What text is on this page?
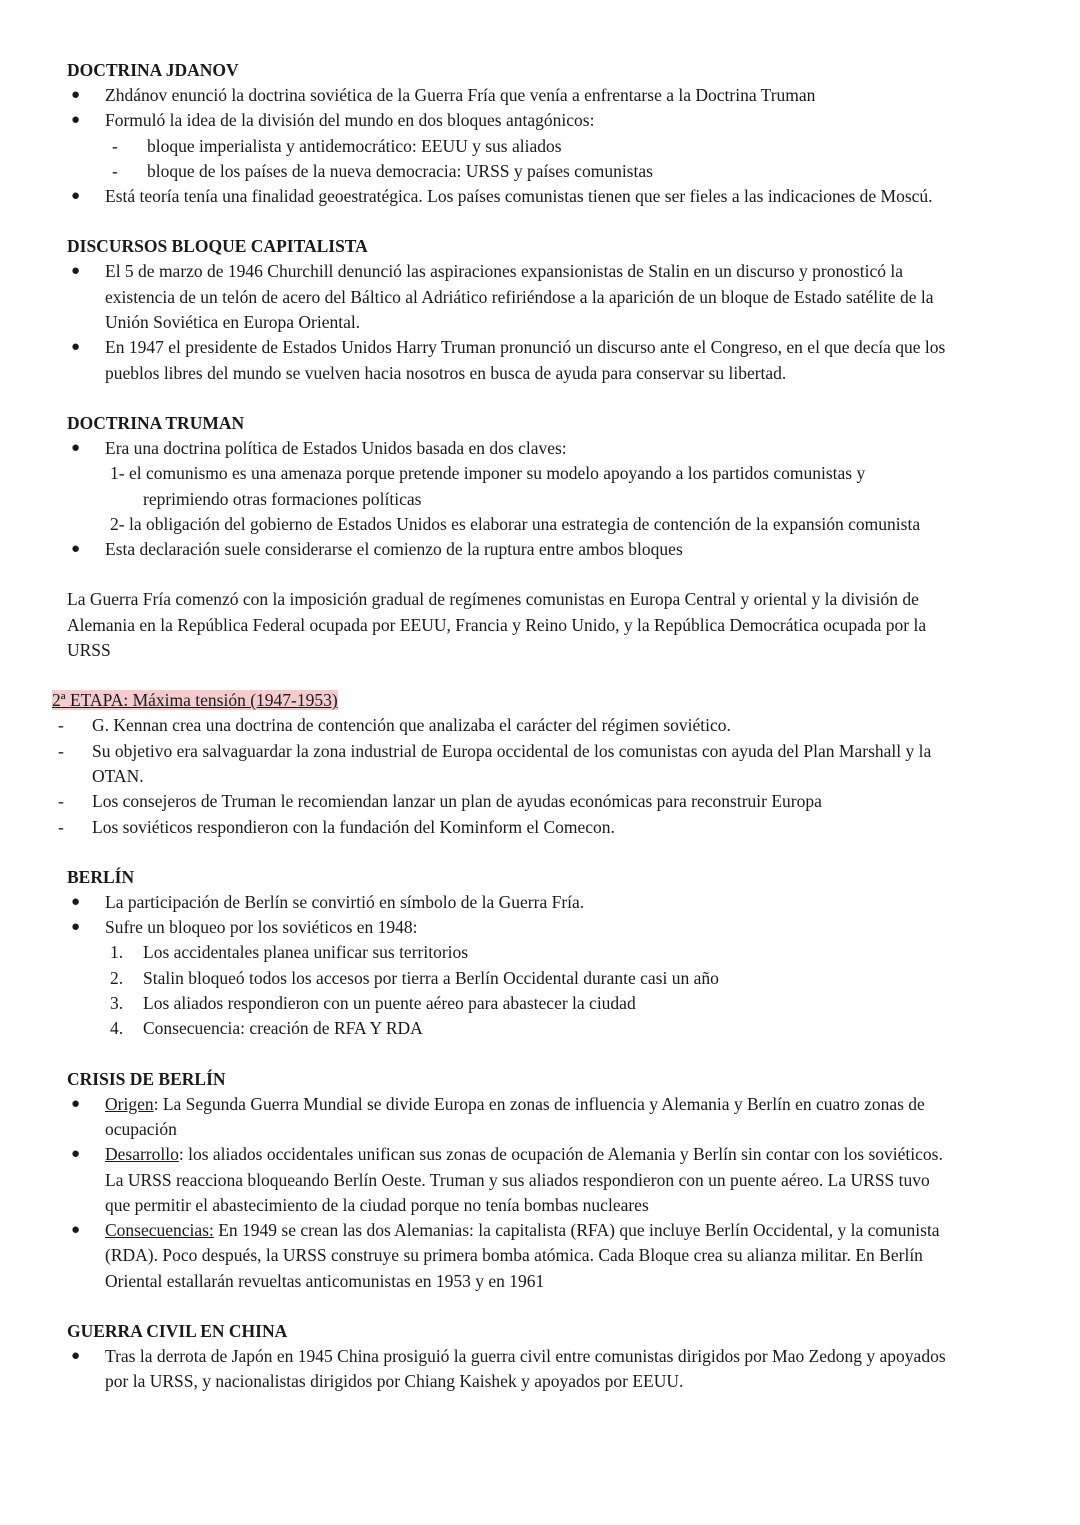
DOCTRINA JDANOV
● Zhdánov enunció la doctrina soviética de la Guerra Fría que venía a enfrentarse a la Doctrina Truman
● Formuló la idea de la división del mundo en dos bloques antagónicos:
- bloque imperialista y antidemocrático: EEUU y sus aliados
- bloque de los países de la nueva democracia: URSS y países comunistas
● Está teoría tenía una finalidad geoestratégica. Los países comunistas tienen que ser fieles a las indicaciones de Moscú.
DISCURSOS BLOQUE CAPITALISTA
● El 5 de marzo de 1946 Churchill denunció las aspiraciones expansionistas de Stalin en un discurso y pronosticó la
existencia de un telón de acero del Báltico al Adriático refiriéndose a la aparición de un bloque de Estado satélite de la
Unión Soviética en Europa Oriental.
● En 1947 el presidente de Estados Unidos Harry Truman pronunció un discurso ante el Congreso, en el que decía que los
pueblos libres del mundo se vuelven hacia nosotros en busca de ayuda para conservar su libertad.
DOCTRINA TRUMAN
● Era una doctrina política de Estados Unidos basada en dos claves:
1- el comunismo es una amenaza porque pretende imponer su modelo apoyando a los partidos comunistas y
reprimiendo otras formaciones políticas
2- la obligación del gobierno de Estados Unidos es elaborar una estrategia de contención de la expansión comunista
● Esta declaración suele considerarse el comienzo de la ruptura entre ambos bloques
La Guerra Fría comenzó con la imposición gradual de regímenes comunistas en Europa Central y oriental y la división de
Alemania en la República Federal ocupada por EEUU, Francia y Reino Unido, y la República Democrática ocupada por la
URSS
2ª ETAPA: Máxima tensión (1947-1953)
- G. Kennan crea una doctrina de contención que analizaba el carácter del régimen soviético.
- Su objetivo era salvaguardar la zona industrial de Europa occidental de los comunistas con ayuda del Plan Marshall y la
OTAN.
- Los consejeros de Truman le recomiendan lanzar un plan de ayudas económicas para reconstruir Europa
- Los soviéticos respondieron con la fundación del Kominform el Comecon.
BERLÍN
● La participación de Berlín se convirtió en símbolo de la Guerra Fría.
● Sufre un bloqueo por los soviéticos en 1948:
1. Los accidentales planea unificar sus territorios
2. Stalin bloqueó todos los accesos por tierra a Berlín Occidental durante casi un año
3. Los aliados respondieron con un puente aéreo para abastecer la ciudad
4. Consecuencia: creación de RFA Y RDA
CRISIS DE BERLÍN
● Origen: La Segunda Guerra Mundial se divide Europa en zonas de influencia y Alemania y Berlín en cuatro zonas de
ocupación
● Desarrollo: los aliados occidentales unifican sus zonas de ocupación de Alemania y Berlín sin contar con los soviéticos.
La URSS reacciona bloqueando Berlín Oeste. Truman y sus aliados respondieron con un puente aéreo. La URSS tuvo
que permitir el abastecimiento de la ciudad porque no tenía bombas nucleares
● Consecuencias: En 1949 se crean las dos Alemanias: la capitalista (RFA) que incluye Berlín Occidental, y la comunista
(RDA). Poco después, la URSS construye su primera bomba atómica. Cada Bloque crea su alianza militar. En Berlín
Oriental estallarán revueltas anticomunistas en 1953 y en 1961
GUERRA CIVIL EN CHINA
● Tras la derrota de Japón en 1945 China prosiguió la guerra civil entre comunistas dirigidos por Mao Zedong y apoyados
por la URSS, y nacionalistas dirigidos por Chiang Kaishek y apoyados por EEUU.
